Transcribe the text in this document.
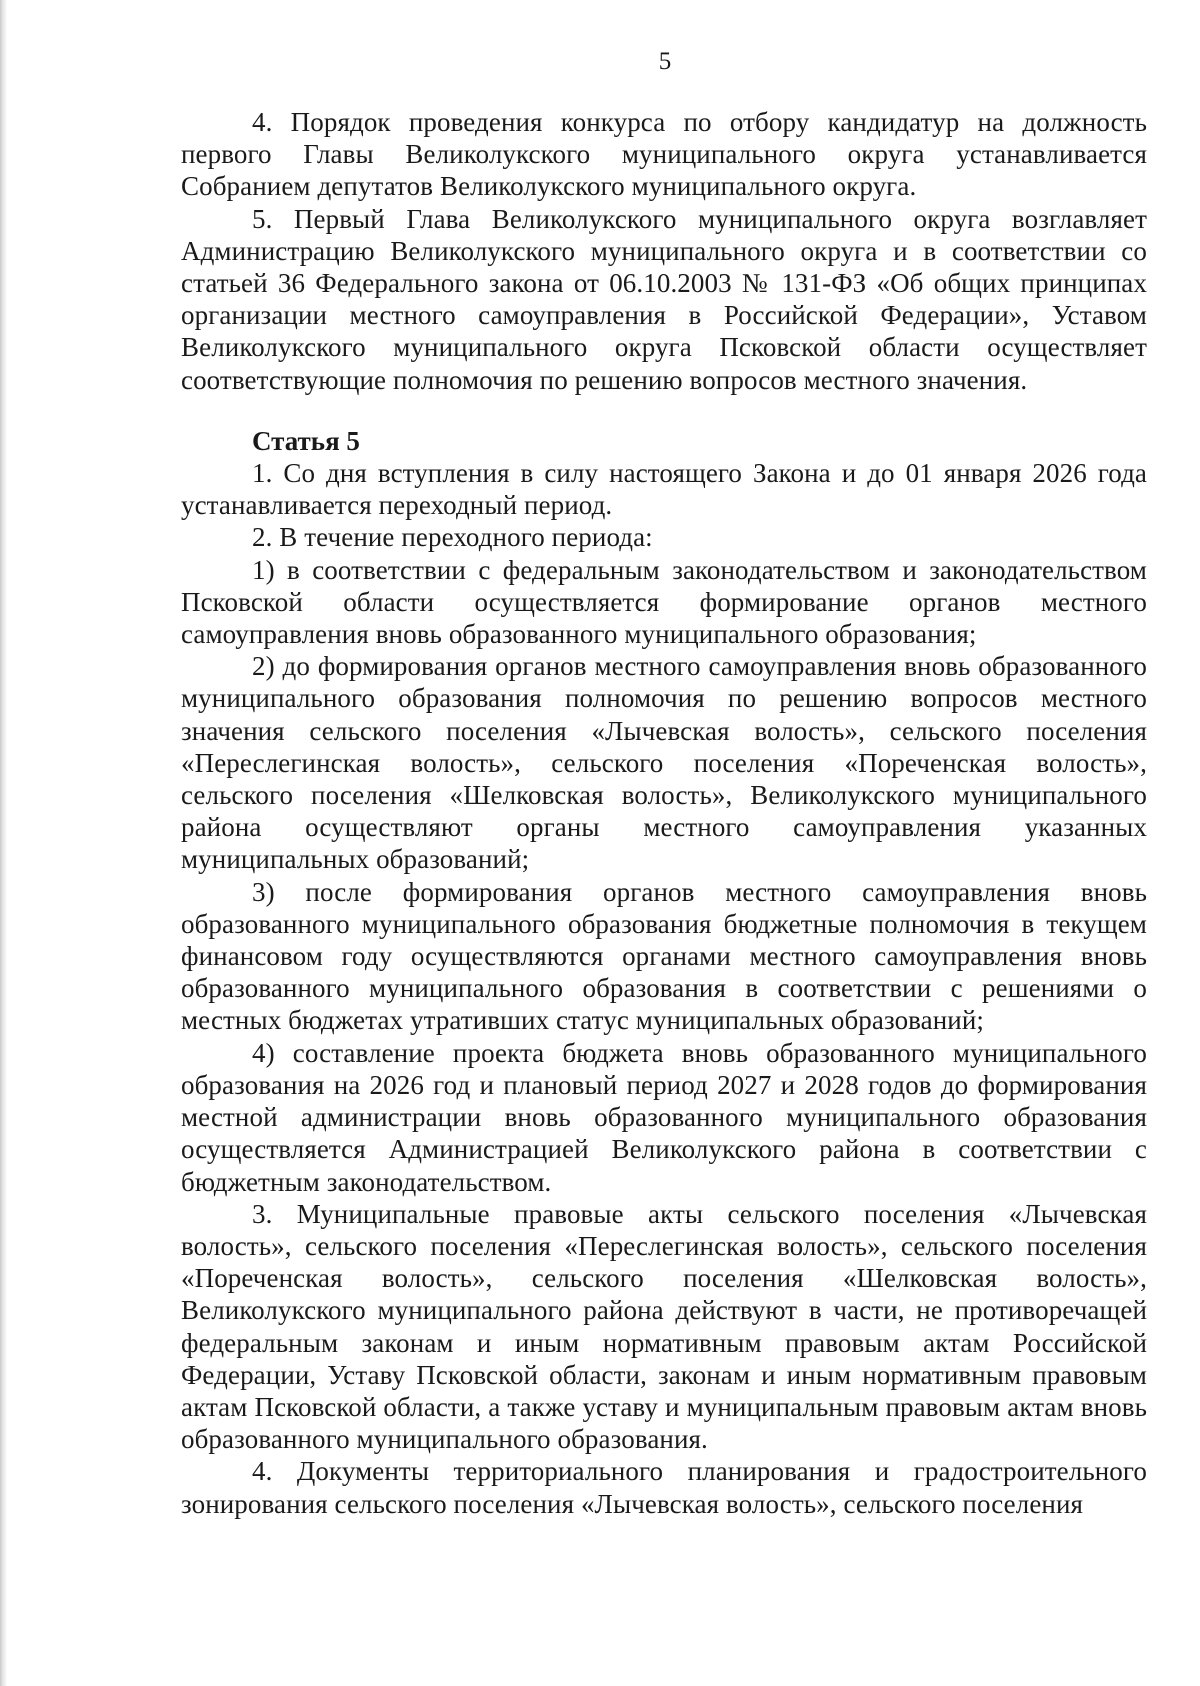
5

4. Порядок проведения конкурса по отбору кандидатур на должность первого Главы Великолукского муниципального округа устанавливается Собранием депутатов Великолукского муниципального округа.

5. Первый Глава Великолукского муниципального округа возглавляет Администрацию Великолукского муниципального округа и в соответствии со статьей 36 Федерального закона от 06.10.2003 № 131-ФЗ «Об общих принципах организации местного самоуправления в Российской Федерации», Уставом Великолукского муниципального округа Псковской области осуществляет соответствующие полномочия по решению вопросов местного значения.

Статья 5

1. Со дня вступления в силу настоящего Закона и до 01 января 2026 года устанавливается переходный период.

2. В течение переходного периода:

1) в соответствии с федеральным законодательством и законодательством Псковской области осуществляется формирование органов местного самоуправления вновь образованного муниципального образования;

2) до формирования органов местного самоуправления вновь образованного муниципального образования полномочия по решению вопросов местного значения сельского поселения «Лычевская волость», сельского поселения «Переслегинская волость», сельского поселения «Пореченская волость», сельского поселения «Шелковская волость», Великолукского муниципального района осуществляют органы местного самоуправления указанных муниципальных образований;

3) после формирования органов местного самоуправления вновь образованного муниципального образования бюджетные полномочия в текущем финансовом году осуществляются органами местного самоуправления вновь образованного муниципального образования в соответствии с решениями о местных бюджетах утративших статус муниципальных образований;

4) составление проекта бюджета вновь образованного муниципального образования на 2026 год и плановый период 2027 и 2028 годов до формирования местной администрации вновь образованного муниципального образования осуществляется Администрацией Великолукского района в соответствии с бюджетным законодательством.

3. Муниципальные правовые акты сельского поселения «Лычевская волость», сельского поселения «Переслегинская волость», сельского поселения «Пореченская волость», сельского поселения «Шелковская волость», Великолукского муниципального района действуют в части, не противоречащей федеральным законам и иным нормативным правовым актам Российской Федерации, Уставу Псковской области, законам и иным нормативным правовым актам Псковской области, а также уставу и муниципальным правовым актам вновь образованного муниципального образования.

4. Документы территориального планирования и градостроительного зонирования сельского поселения «Лычевская волость», сельского поселения
